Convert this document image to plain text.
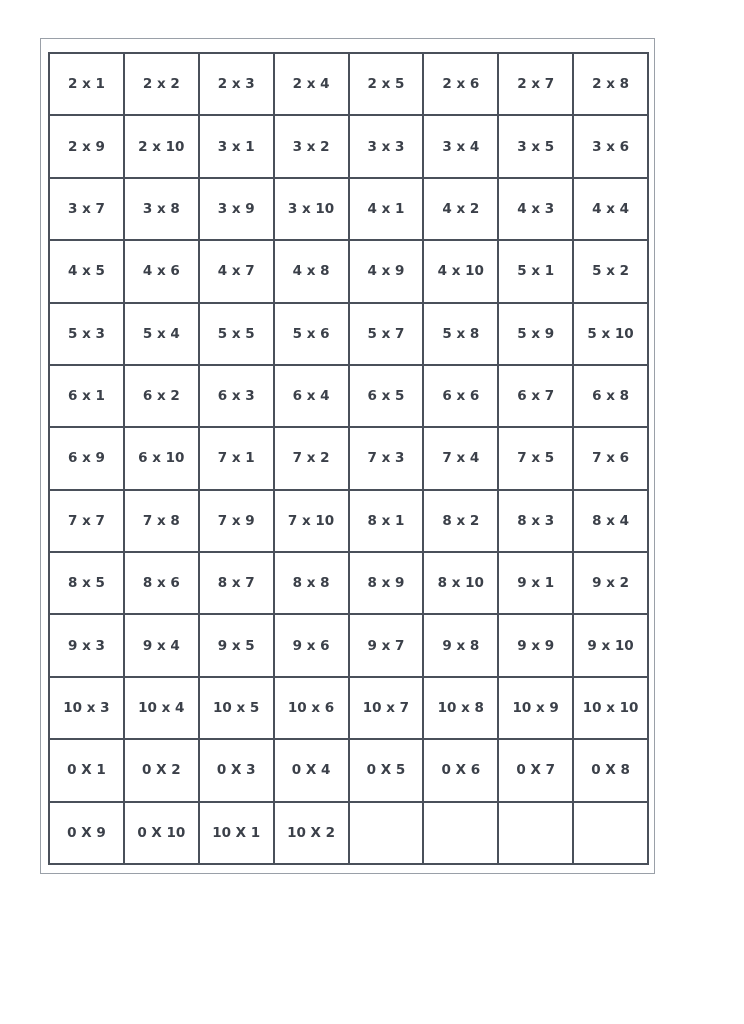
2 x 1	2 x 2	2 x 3	2 x 4	2 x 5	2 x 6	2 x 7	2 x 8
2 x 9	2 x 10	3 x 1	3 x 2	3 x 3	3 x 4	3 x 5	3 x 6
3 x 7	3 x 8	3 x 9	3 x 10	4 x 1	4 x 2	4 x 3	4 x 4
4 x 5	4 x 6	4 x 7	4 x 8	4 x 9	4 x 10	5 x 1	5 x 2
5 x 3	5 x 4	5 x 5	5 x 6	5 x 7	5 x 8	5 x 9	5 x 10
6 x 1	6 x 2	6 x 3	6 x 4	6 x 5	6 x 6	6 x 7	6 x 8
6 x 9	6 x 10	7 x 1	7 x 2	7 x 3	7 x 4	7 x 5	7 x 6
7 x 7	7 x 8	7 x 9	7 x 10	8 x 1	8 x 2	8 x 3	8 x 4
8 x 5	8 x 6	8 x 7	8 x 8	8 x 9	8 x 10	9 x 1	9 x 2
9 x 3	9 x 4	9 x 5	9 x 6	9 x 7	9 x 8	9 x 9	9 x 10
10 x 3	10 x 4	10 x 5	10 x 6	10 x 7	10 x 8	10 x 9	10 x 10
0 X 1	0 X 2	0 X 3	0 X 4	0 X 5	0 X 6	0 X 7	0 X 8
0 X 9	0 X 10	10 X 1	10 X 2				
